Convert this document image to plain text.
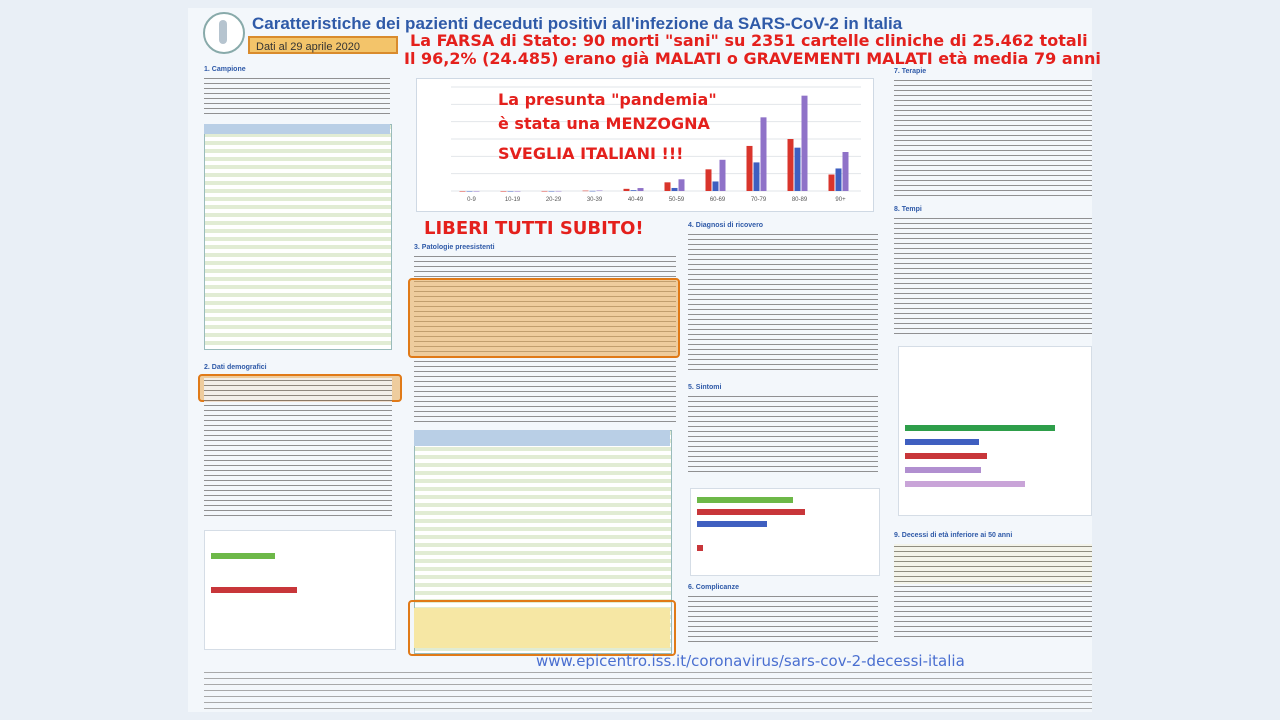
Caratteristiche dei pazienti deceduti positivi all'infezione da SARS-CoV-2 in Italia
Dati al 29 aprile 2020	La FARSA di Stato: 90 morti "sani" su 2351 cartelle cliniche di 25.462 totali
Il 96,2% (24.485) erano già MALATI o GRAVEMENTI MALATI età media 79 anni
1. Campione
2. Dati demografici
0-9	10-19	20-29	30-39	40-49	50-59	60-69	70-79	80-89	90+
La presunta "pandemia"
è stata una MENZOGNA
SVEGLIA ITALIANI !!!
LIBERI TUTTI SUBITO!
3. Patologie preesistenti
4. Diagnosi di ricovero
5. Sintomi
6. Complicanze
7. Terapie
8. Tempi
9. Decessi di età inferiore ai 50 anni
www.epicentro.iss.it/coronavirus/sars-cov-2-decessi-italia
